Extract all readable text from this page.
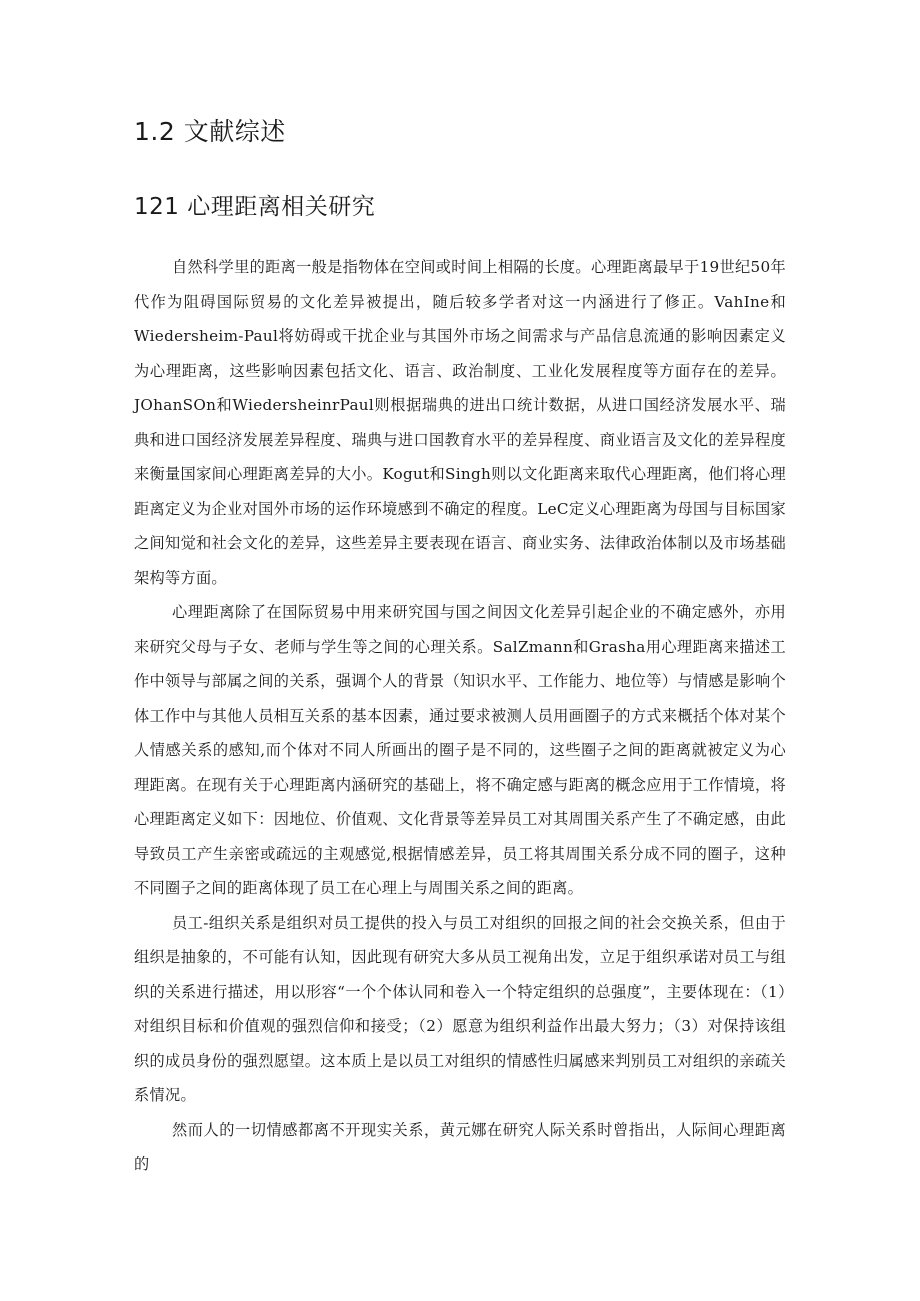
1.2 文献综述
121 心理距离相关研究

自然科学里的距离一般是指物体在空间或时间上相隔的长度。心理距离最早于19世纪50年代作为阻碍国际贸易的文化差异被提出，随后较多学者对这一内涵进行了修正。VahIne和Wiedersheim-Paul将妨碍或干扰企业与其国外市场之间需求与产品信息流通的影响因素定义为心理距离，这些影响因素包括文化、语言、政治制度、工业化发展程度等方面存在的差异。JOhanSOn和WiedersheinrPaul则根据瑞典的进出口统计数据，从进口国经济发展水平、瑞典和进口国经济发展差异程度、瑞典与进口国教育水平的差异程度、商业语言及文化的差异程度来衡量国家间心理距离差异的大小。Kogut和Singh则以文化距离来取代心理距离，他们将心理距离定义为企业对国外市场的运作环境感到不确定的程度。LeC定义心理距离为母国与目标国家之间知觉和社会文化的差异，这些差异主要表现在语言、商业实务、法律政治体制以及市场基础架构等方面。

心理距离除了在国际贸易中用来研究国与国之间因文化差异引起企业的不确定感外，亦用来研究父母与子女、老师与学生等之间的心理关系。SalZmann和Grasha用心理距离来描述工作中领导与部属之间的关系，强调个人的背景（知识水平、工作能力、地位等）与情感是影响个体工作中与其他人员相互关系的基本因素，通过要求被测人员用画圈子的方式来概括个体对某个人情感关系的感知,而个体对不同人所画出的圈子是不同的，这些圈子之间的距离就被定义为心理距离。在现有关于心理距离内涵研究的基础上，将不确定感与距离的概念应用于工作情境，将心理距离定义如下：因地位、价值观、文化背景等差异员工对其周围关系产生了不确定感，由此导致员工产生亲密或疏远的主观感觉,根据情感差异，员工将其周围关系分成不同的圈子，这种不同圈子之间的距离体现了员工在心理上与周围关系之间的距离。

员工-组织关系是组织对员工提供的投入与员工对组织的回报之间的社会交换关系，但由于组织是抽象的，不可能有认知，因此现有研究大多从员工视角出发，立足于组织承诺对员工与组织的关系进行描述，用以形容“一个个体认同和卷入一个特定组织的总强度”，主要体现在：（1）对组织目标和价值观的强烈信仰和接受；（2）愿意为组织利益作出最大努力；（3）对保持该组织的成员身份的强烈愿望。这本质上是以员工对组织的情感性归属感来判别员工对组织的亲疏关系情况。

然而人的一切情感都离不开现实关系，黄元娜在研究人际关系时曾指出，人际间心理距离的
